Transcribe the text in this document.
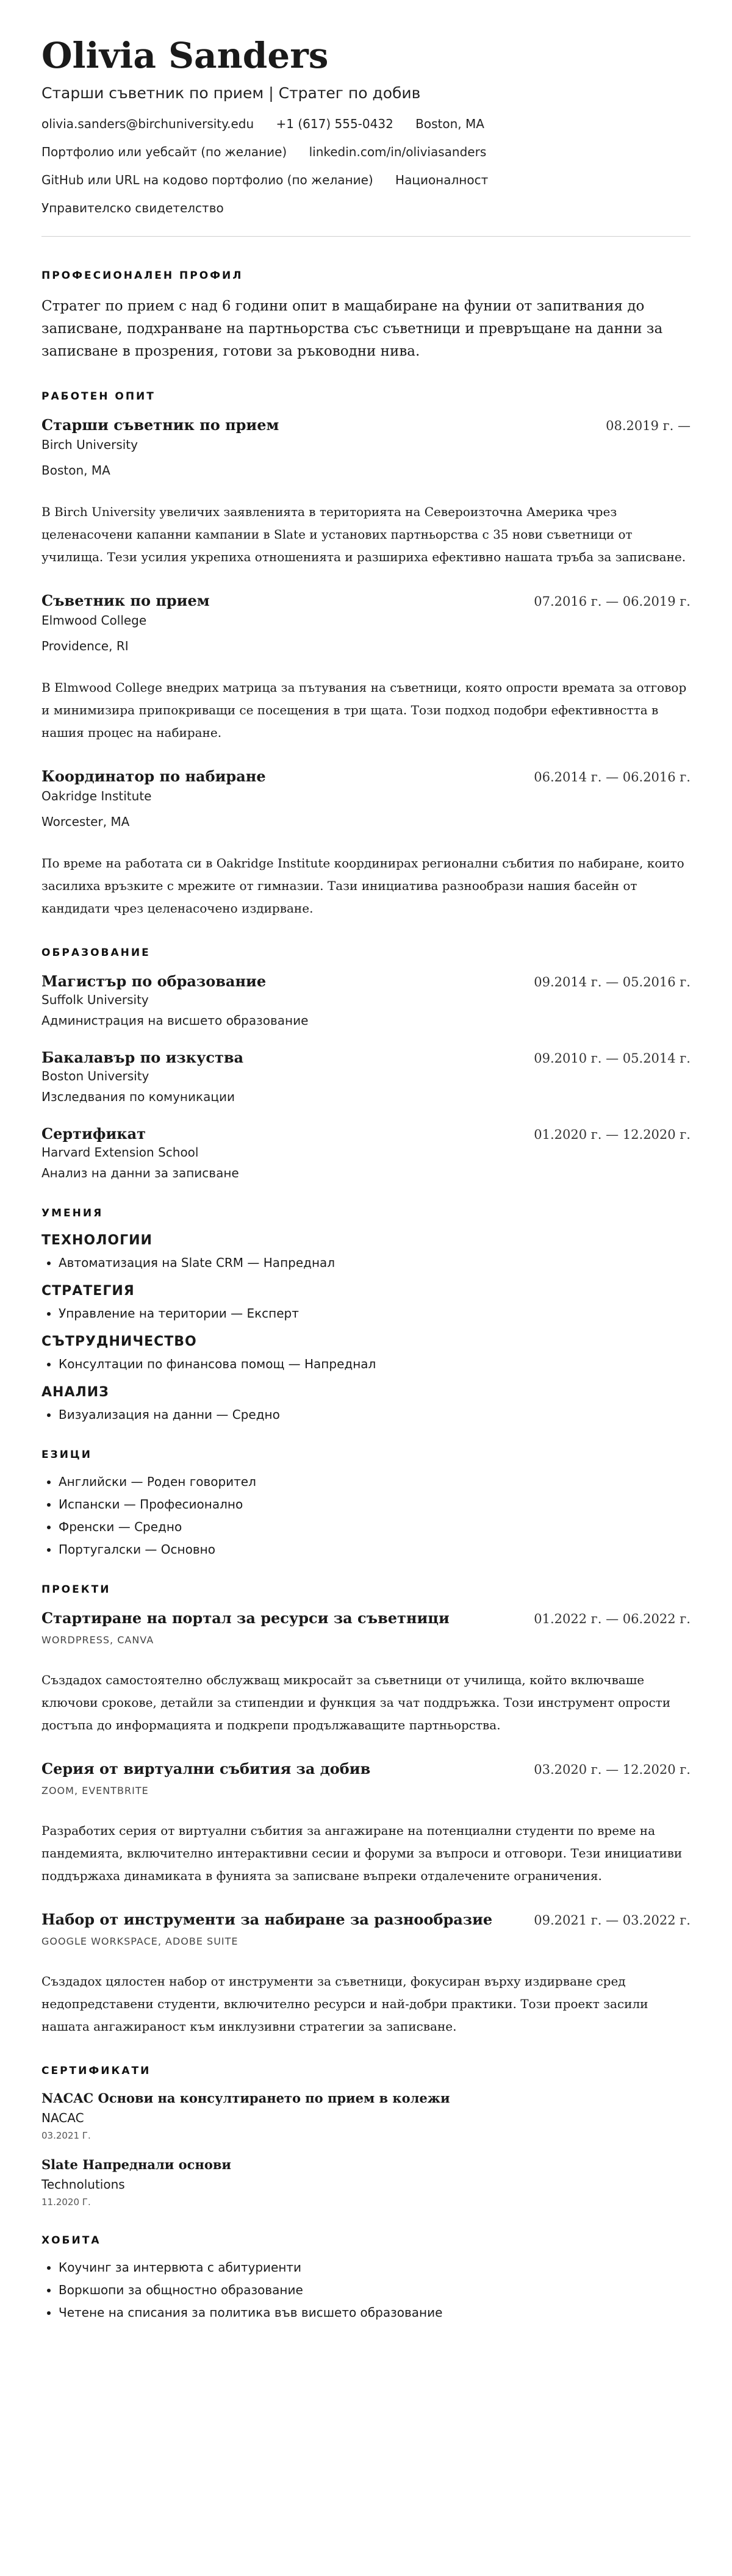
Olivia Sanders
Старши съветник по прием | Стратег по добив
olivia.sanders@birchuniversity.edu +1 (617) 555-0432 Boston, MA
Портфолио или уебсайт (по желание) linkedin.com/in/oliviasanders
GitHub или URL на кодово портфолио (по желание) Националност
Управителско свидетелство
ПРОФЕСИОНАЛЕН ПРОФИЛ

Стратег по прием с над 6 години опит в мащабиране на фунии от запитвания до записване, подхранване на партньорства със съветници и превръщане на данни за записване в прозрения, готови за ръководни нива.

РАБОТЕН ОПИТ
Старши съветник по прием	08.2019 г. —
Birch University
Boston, MA

В Birch University увеличих заявленията в територията на Североизточна Америка чрез целенасочени капанни кампании в Slate и установих партньорства с 35 нови съветници от училища. Тези усилия укрепиха отношенията и разшириха ефективно нашата тръба за записване.

Съветник по прием	07.2016 г. — 06.2019 г.
Elmwood College
Providence, RI

В Elmwood College внедрих матрица за пътувания на съветници, която опрости времата за отговор и минимизира припокриващи се посещения в три щата. Този подход подобри ефективността в нашия процес на набиране.

Координатор по набиране	06.2014 г. — 06.2016 г.
Oakridge Institute
Worcester, MA

По време на работата си в Oakridge Institute координирах регионални събития по набиране, които засилиха връзките с мрежите от гимназии. Тази инициатива разнообрази нашия басейн от кандидати чрез целенасочено издирване.

ОБРАЗОВАНИЕ
Магистър по образование	09.2014 г. — 05.2016 г.
Suffolk University
Администрация на висшето образование
Бакалавър по изкуства	09.2010 г. — 05.2014 г.
Boston University
Изследвания по комуникации
Сертификат	01.2020 г. — 12.2020 г.
Harvard Extension School
Анализ на данни за записване
УМЕНИЯ
ТЕХНОЛОГИИ
• Автоматизация на Slate CRM — Напреднал
СТРАТЕГИЯ
• Управление на територии — Експерт
СЪТРУДНИЧЕСТВО
• Консултации по финансова помощ — Напреднал
АНАЛИЗ
• Визуализация на данни — Средно
ЕЗИЦИ
• Английски — Роден говорител
• Испански — Професионално
• Френски — Средно
• Португалски — Основно
ПРОЕКТИ
Стартиране на портал за ресурси за съветници	01.2022 г. — 06.2022 г.
WORDPRESS, CANVA

Създадох самостоятелно обслужващ микросайт за съветници от училища, който включваше ключови срокове, детайли за стипендии и функция за чат поддръжка. Този инструмент опрости достъпа до информацията и подкрепи продължаващите партньорства.

Серия от виртуални събития за добив	03.2020 г. — 12.2020 г.
ZOOM, EVENTBRITE

Разработих серия от виртуални събития за ангажиране на потенциални студенти по време на пандемията, включително интерактивни сесии и форуми за въпроси и отговори. Тези инициативи поддържаха динамиката в фунията за записване въпреки отдалечените ограничения.

Набор от инструменти за набиране за разнообразие	09.2021 г. — 03.2022 г.
GOOGLE WORKSPACE, ADOBE SUITE

Създадох цялостен набор от инструменти за съветници, фокусиран върху издирване сред недопредставени студенти, включително ресурси и най-добри практики. Този проект засили нашата ангажираност към инклузивни стратегии за записване.

СЕРТИФИКАТИ
NACAC Основи на консултирането по прием в колежи
NACAC
03.2021 Г.
Slate Напреднали основи
Technolutions
11.2020 Г.
ХОБИТА
• Коучинг за интервюта с абитуриенти
• Воркшопи за общностно образование
• Четене на списания за политика във висшето образование
